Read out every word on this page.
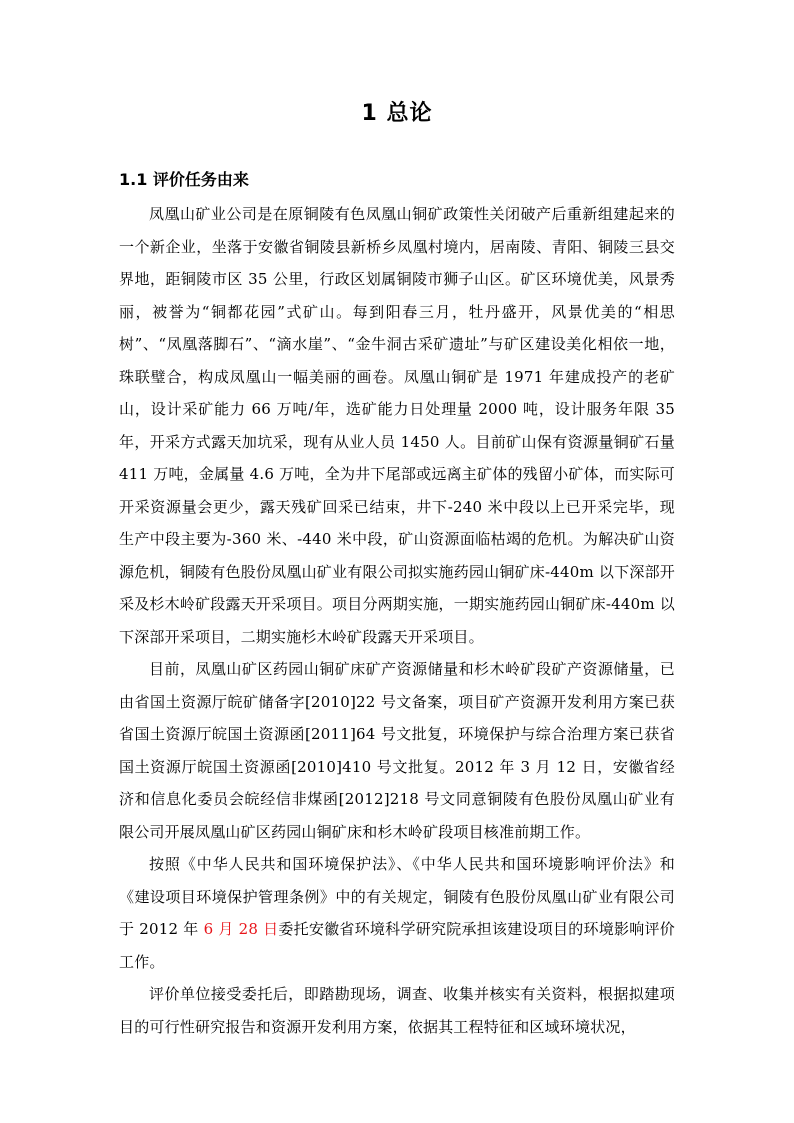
1 总论
1.1 评价任务由来

凤凰山矿业公司是在原铜陵有色凤凰山铜矿政策性关闭破产后重新组建起来的一个新企业，坐落于安徽省铜陵县新桥乡凤凰村境内，居南陵、青阳、铜陵三县交界地，距铜陵市区 35 公里，行政区划属铜陵市狮子山区。矿区环境优美，风景秀丽，被誉为“铜都花园”式矿山。每到阳春三月，牡丹盛开，风景优美的“相思树”、“凤凰落脚石”、“滴水崖”、“金牛洞古采矿遗址”与矿区建设美化相依一地，珠联璧合，构成凤凰山一幅美丽的画卷。凤凰山铜矿是 1971 年建成投产的老矿山，设计采矿能力 66 万吨/年，选矿能力日处理量 2000 吨，设计服务年限 35 年，开采方式露天加坑采，现有从业人员 1450 人。目前矿山保有资源量铜矿石量 411 万吨，金属量 4.6 万吨，全为井下尾部或远离主矿体的残留小矿体，而实际可开采资源量会更少，露天残矿回采已结束，井下-240 米中段以上已开采完毕，现生产中段主要为-360 米、-440 米中段，矿山资源面临枯竭的危机。为解决矿山资源危机，铜陵有色股份凤凰山矿业有限公司拟实施药园山铜矿床-440m 以下深部开采及杉木岭矿段露天开采项目。项目分两期实施，一期实施药园山铜矿床-440m 以下深部开采项目，二期实施杉木岭矿段露天开采项目。

目前，凤凰山矿区药园山铜矿床矿产资源储量和杉木岭矿段矿产资源储量，已由省国土资源厅皖矿储备字[2010]22 号文备案，项目矿产资源开发利用方案已获省国土资源厅皖国土资源函[2011]64 号文批复，环境保护与综合治理方案已获省国土资源厅皖国土资源函[2010]410 号文批复。2012 年 3 月 12 日，安徽省经济和信息化委员会皖经信非煤函[2012]218 号文同意铜陵有色股份凤凰山矿业有限公司开展凤凰山矿区药园山铜矿床和杉木岭矿段项目核准前期工作。

按照《中华人民共和国环境保护法》、《中华人民共和国环境影响评价法》和《建设项目环境保护管理条例》中的有关规定，铜陵有色股份凤凰山矿业有限公司于 2012 年 6 月 28 日委托安徽省环境科学研究院承担该建设项目的环境影响评价工作。

评价单位接受委托后，即踏勘现场，调查、收集并核实有关资料，根据拟建项目的可行性研究报告和资源开发利用方案，依据其工程特征和区域环境状况，
